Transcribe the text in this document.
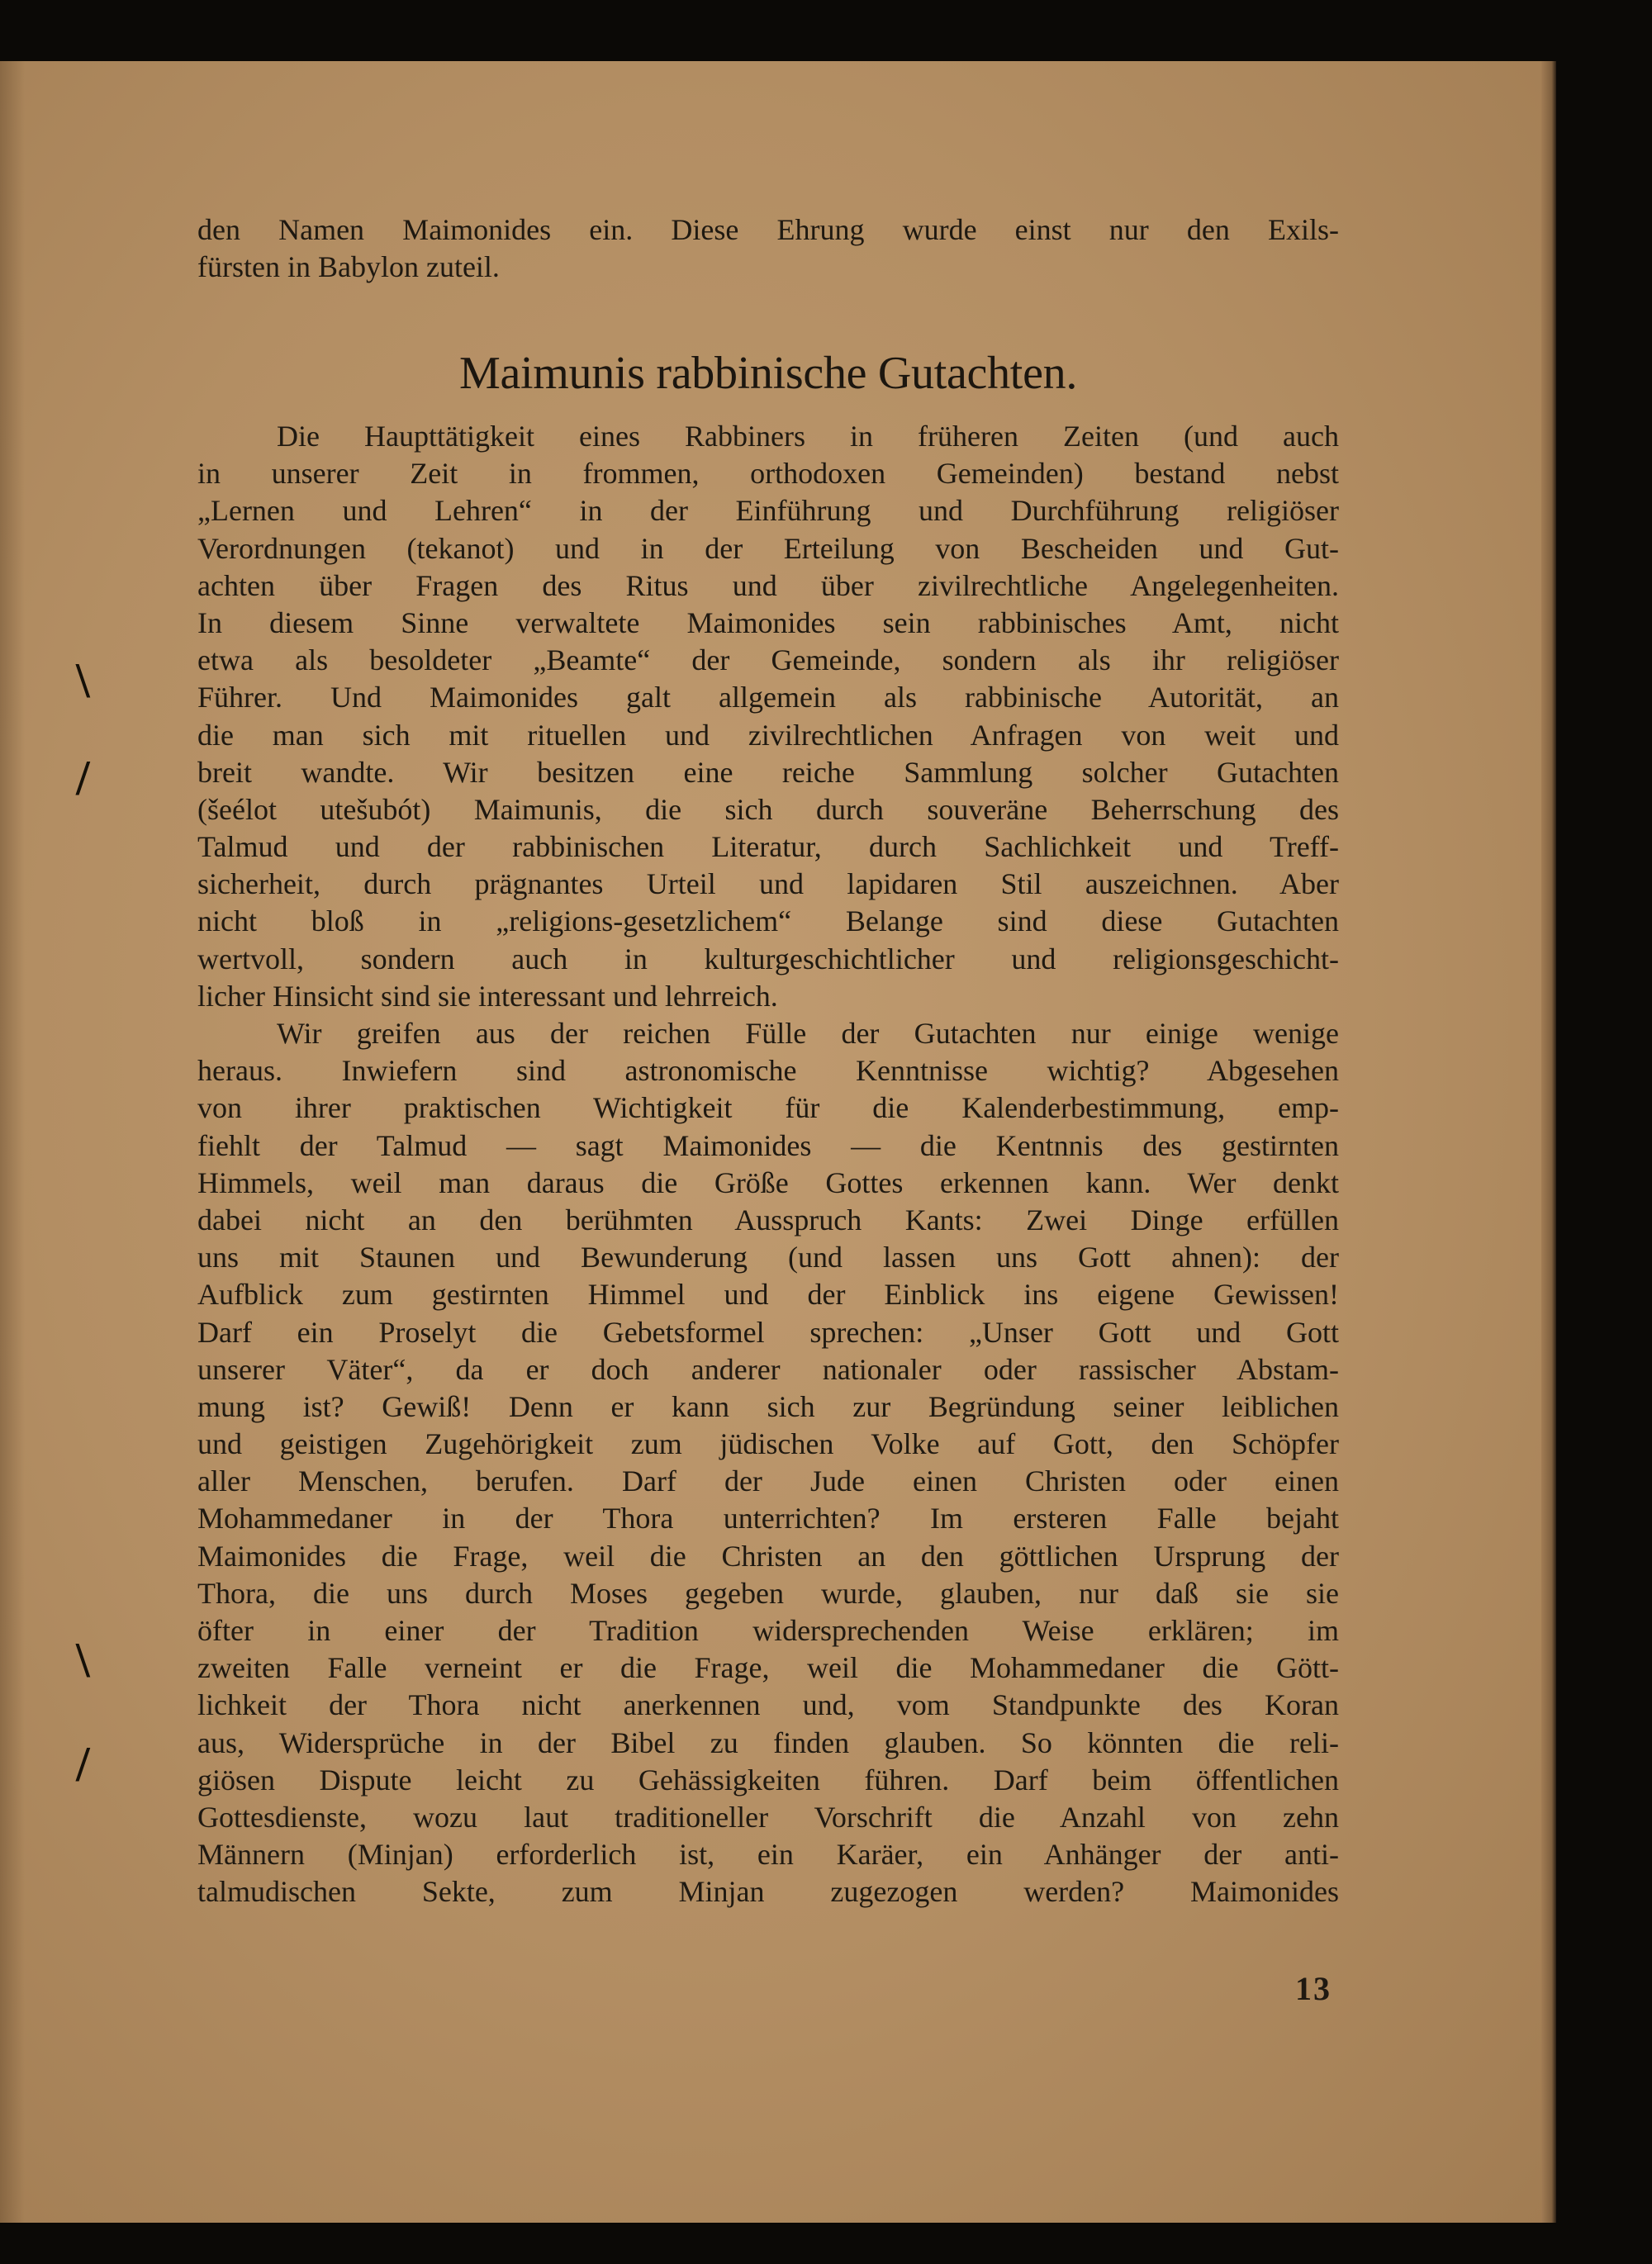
\
/
\
/
den Namen Maimonides ein. Diese Ehrung wurde einst nur den Exils-
fürsten in Babylon zuteil.
Maimunis rabbinische Gutachten.
Die Haupttätigkeit eines Rabbiners in früheren Zeiten (und auch
in unserer Zeit in frommen, orthodoxen Gemeinden) bestand nebst
„Lernen und Lehren“ in der Einführung und Durchführung religiöser
Verordnungen (tekanot) und in der Erteilung von Bescheiden und Gut-
achten über Fragen des Ritus und über zivilrechtliche Angelegenheiten.
In diesem Sinne verwaltete Maimonides sein rabbinisches Amt, nicht
etwa als besoldeter „Beamte“ der Gemeinde, sondern als ihr religiöser
Führer. Und Maimonides galt allgemein als rabbinische Autorität, an
die man sich mit rituellen und zivilrechtlichen Anfragen von weit und
breit wandte. Wir besitzen eine reiche Sammlung solcher Gutachten
(šeélot utešubót) Maimunis, die sich durch souveräne Beherrschung des
Talmud und der rabbinischen Literatur, durch Sachlichkeit und Treff-
sicherheit, durch prägnantes Urteil und lapidaren Stil auszeichnen. Aber
nicht bloß in „religions-gesetzlichem“ Belange sind diese Gutachten
wertvoll, sondern auch in kulturgeschichtlicher und religionsgeschicht-
licher Hinsicht sind sie interessant und lehrreich.
Wir greifen aus der reichen Fülle der Gutachten nur einige wenige
heraus. Inwiefern sind astronomische Kenntnisse wichtig? Abgesehen
von ihrer praktischen Wichtigkeit für die Kalenderbestimmung, emp-
fiehlt der Talmud — sagt Maimonides — die Kentnnis des gestirnten
Himmels, weil man daraus die Größe Gottes erkennen kann. Wer denkt
dabei nicht an den berühmten Ausspruch Kants: Zwei Dinge erfüllen
uns mit Staunen und Bewunderung (und lassen uns Gott ahnen): der
Aufblick zum gestirnten Himmel und der Einblick ins eigene Gewissen!
Darf ein Proselyt die Gebetsformel sprechen: „Unser Gott und Gott
unserer Väter“, da er doch anderer nationaler oder rassischer Abstam-
mung ist? Gewiß! Denn er kann sich zur Begründung seiner leiblichen
und geistigen Zugehörigkeit zum jüdischen Volke auf Gott, den Schöpfer
aller Menschen, berufen. Darf der Jude einen Christen oder einen
Mohammedaner in der Thora unterrichten? Im ersteren Falle bejaht
Maimonides die Frage, weil die Christen an den göttlichen Ursprung der
Thora, die uns durch Moses gegeben wurde, glauben, nur daß sie sie
öfter in einer der Tradition widersprechenden Weise erklären; im
zweiten Falle verneint er die Frage, weil die Mohammedaner die Gött-
lichkeit der Thora nicht anerkennen und, vom Standpunkte des Koran
aus, Widersprüche in der Bibel zu finden glauben. So könnten die reli-
giösen Dispute leicht zu Gehässigkeiten führen. Darf beim öffentlichen
Gottesdienste, wozu laut traditioneller Vorschrift die Anzahl von zehn
Männern (Minjan) erforderlich ist, ein Karäer, ein Anhänger der anti-
talmudischen Sekte, zum Minjan zugezogen werden? Maimonides
13
